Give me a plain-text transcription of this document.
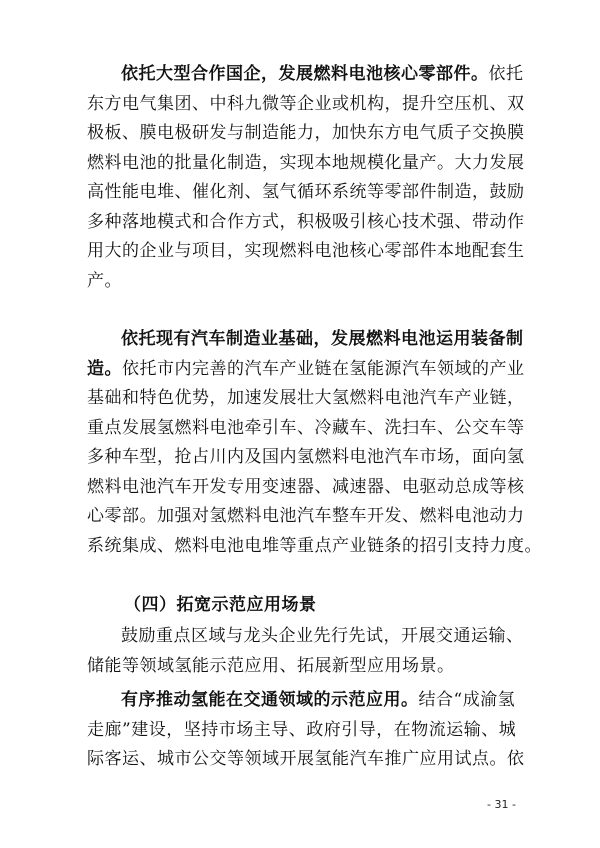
依托大型合作国企，发展燃料电池核心零部件。依托
东方电气集团、中科九微等企业或机构，提升空压机、双
极板、膜电极研发与制造能力，加快东方电气质子交换膜
燃料电池的批量化制造，实现本地规模化量产。大力发展
高性能电堆、催化剂、氢气循环系统等零部件制造，鼓励
多种落地模式和合作方式，积极吸引核心技术强、带动作
用大的企业与项目，实现燃料电池核心零部件本地配套生
产。
依托现有汽车制造业基础，发展燃料电池运用装备制
造。依托市内完善的汽车产业链在氢能源汽车领域的产业
基础和特色优势，加速发展壮大氢燃料电池汽车产业链，
重点发展氢燃料电池牵引车、冷藏车、洗扫车、公交车等
多种车型，抢占川内及国内氢燃料电池汽车市场，面向氢
燃料电池汽车开发专用变速器、减速器、电驱动总成等核
心零部。加强对氢燃料电池汽车整车开发、燃料电池动力
系统集成、燃料电池电堆等重点产业链条的招引支持力度。
（四）拓宽示范应用场景
鼓励重点区域与龙头企业先行先试，开展交通运输、
储能等领域氢能示范应用、拓展新型应用场景。
有序推动氢能在交通领域的示范应用。结合“成渝氢
走廊”建设，坚持市场主导、政府引导，在物流运输、城
际客运、城市公交等领域开展氢能汽车推广应用试点。依
- 31 -
